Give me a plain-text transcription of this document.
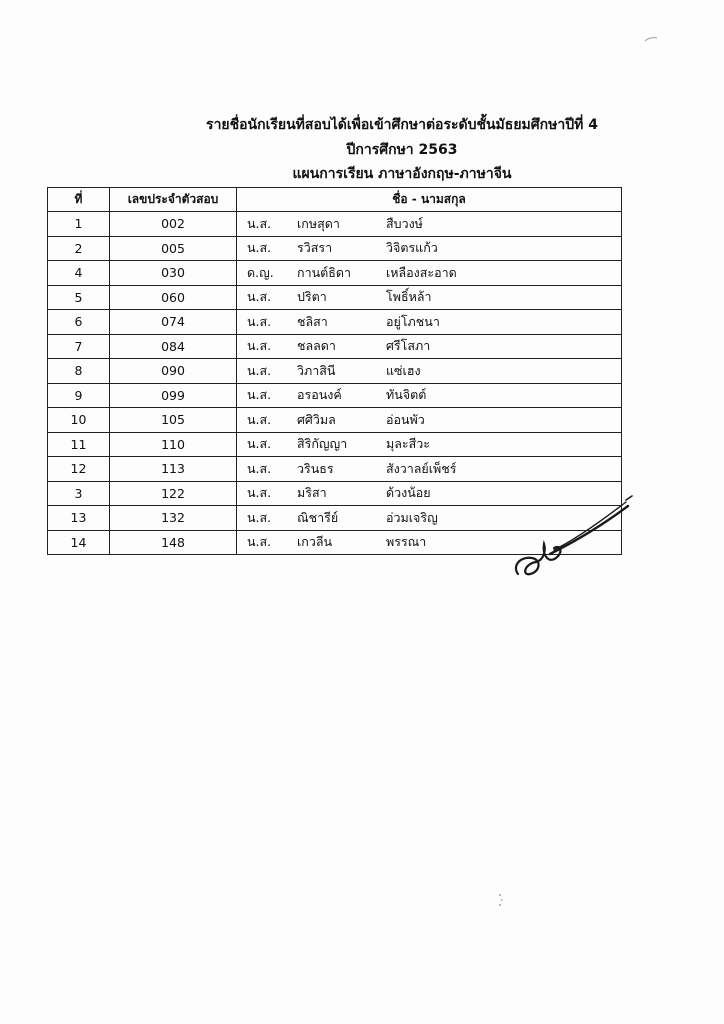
รายชื่อนักเรียนที่สอบได้เพื่อเข้าศึกษาต่อระดับชั้นมัธยมศึกษาปีที่ 4
ปีการศึกษา 2563
แผนการเรียน ภาษาอังกฤษ-ภาษาจีน
ที่	เลขประจำตัวสอบ	ชื่อ - นามสกุล
1	002	น.ส. เกษสุดา สืบวงษ์

2	005	น.ส. รวิสรา วิจิตรแก้ว

4	030	ด.ญ. กานต์ธิดา เหลืองสะอาด

5	060	น.ส. ปริตา โพธิ์หล้า

6	074	น.ส. ชลิสา อยู่โภชนา

7	084	น.ส. ชลลดา ศรีโสภา

8	090	น.ส. วิภาสินี แซ่เฮง

9	099	น.ส. อรอนงค์ ทันจิตต์

10	105	น.ส. ศศิวิมล อ่อนพัว

11	110	น.ส. สิริกัญญา มุละสีวะ

12	113	น.ส. วรินธร สังวาลย์เพ็ชร์

3	122	น.ส. มริสา ด้วงน้อย

13	132	น.ส. ณิชารีย์ อ่วมเจริญ

14	148	น.ส. เกวลีน พรรณา
